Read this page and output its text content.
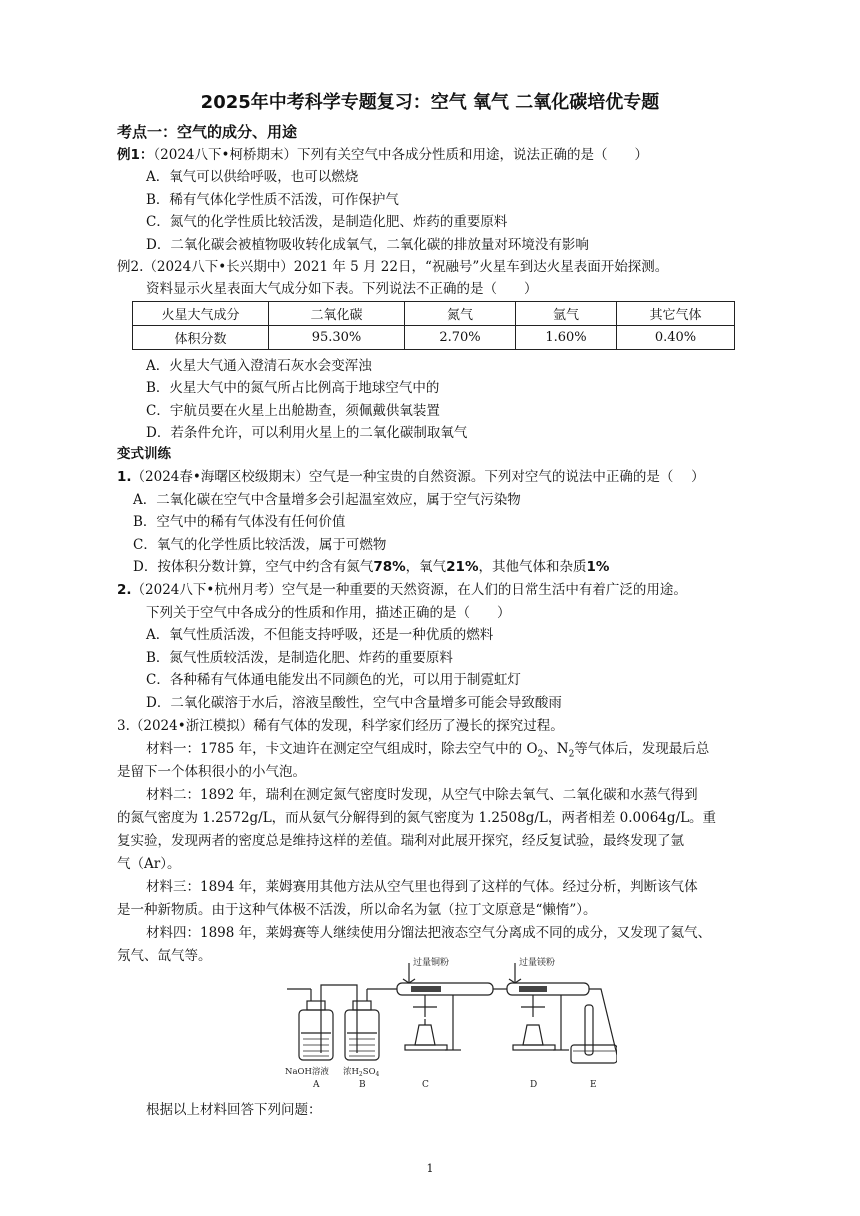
2025年中考科学专题复习：空气 氧气 二氧化碳培优专题
考点一：空气的成分、用途
例1：（2024八下•柯桥期末）下列有关空气中各成分性质和用途，说法正确的是（　　）
A．氧气可以供给呼吸，也可以燃烧
B．稀有气体化学性质不活泼，可作保护气
C．氮气的化学性质比较活泼，是制造化肥、炸药的重要原料
D．二氧化碳会被植物吸收转化成氧气，二氧化碳的排放量对环境没有影响
例2.（2024八下•长兴期中）2021 年 5 月 22日，“祝融号”火星车到达火星表面开始探测。
资料显示火星表面大气成分如下表。下列说法不正确的是（　　）
火星大气成分	二氧化碳	氮气	氩气	其它气体
体积分数	95.30%	2.70%	1.60%	0.40%
A．火星大气通入澄清石灰水会变浑浊
B．火星大气中的氮气所占比例高于地球空气中的
C．宇航员要在火星上出舱勘查，须佩戴供氧装置
D．若条件允许，可以利用火星上的二氧化碳制取氧气
变式训练
1.（2024春•海曙区校级期末）空气是一种宝贵的自然资源。下列对空气的说法中正确的是（　 ）
A．二氧化碳在空气中含量增多会引起温室效应，属于空气污染物
B．空气中的稀有气体没有任何价值
C．氧气的化学性质比较活泼，属于可燃物
D．按体积分数计算，空气中约含有氮气78%，氧气21%，其他气体和杂质1%
2.（2024八下•杭州月考）空气是一种重要的天然资源，在人们的日常生活中有着广泛的用途。
下列关于空气中各成分的性质和作用，描述正确的是（　　）
A．氧气性质活泼，不但能支持呼吸，还是一种优质的燃料
B．氮气性质较活泼，是制造化肥、炸药的重要原料
C．各种稀有气体通电能发出不同颜色的光，可以用于制霓虹灯
D．二氧化碳溶于水后，溶液呈酸性，空气中含量增多可能会导致酸雨
3.（2024•浙江模拟）稀有气体的发现，科学家们经历了漫长的探究过程。
材料一：1785 年，卡文迪许在测定空气组成时，除去空气中的 $O_2$、$N_2$等气体后，发现最后总
是留下一个体积很小的小气泡。
材料二：1892 年，瑞利在测定氮气密度时发现，从空气中除去氧气、二氧化碳和水蒸气得到
的氮气密度为 1.2572g/L，而从氨气分解得到的氮气密度为 1.2508g/L，两者相差 0.0064g/L。重
复实验，发现两者的密度总是维持这样的差值。瑞利对此展开探究，经反复试验，最终发现了氩
气（Ar）。
材料三：1894 年，莱姆赛用其他方法从空气里也得到了这样的气体。经过分析，判断该气体
是一种新物质。由于这种气体极不活泼，所以命名为氩（拉丁文原意是“懒惰”）。
材料四：1898 年，莱姆赛等人继续使用分馏法把液态空气分离成不同的成分，又发现了氦气、
氖气、氙气等。	过量铜粉	过量镁粉
NaOH溶液 浓$H_2SO_4$
A	B	C	D	E
根据以上材料回答下列问题：
1
